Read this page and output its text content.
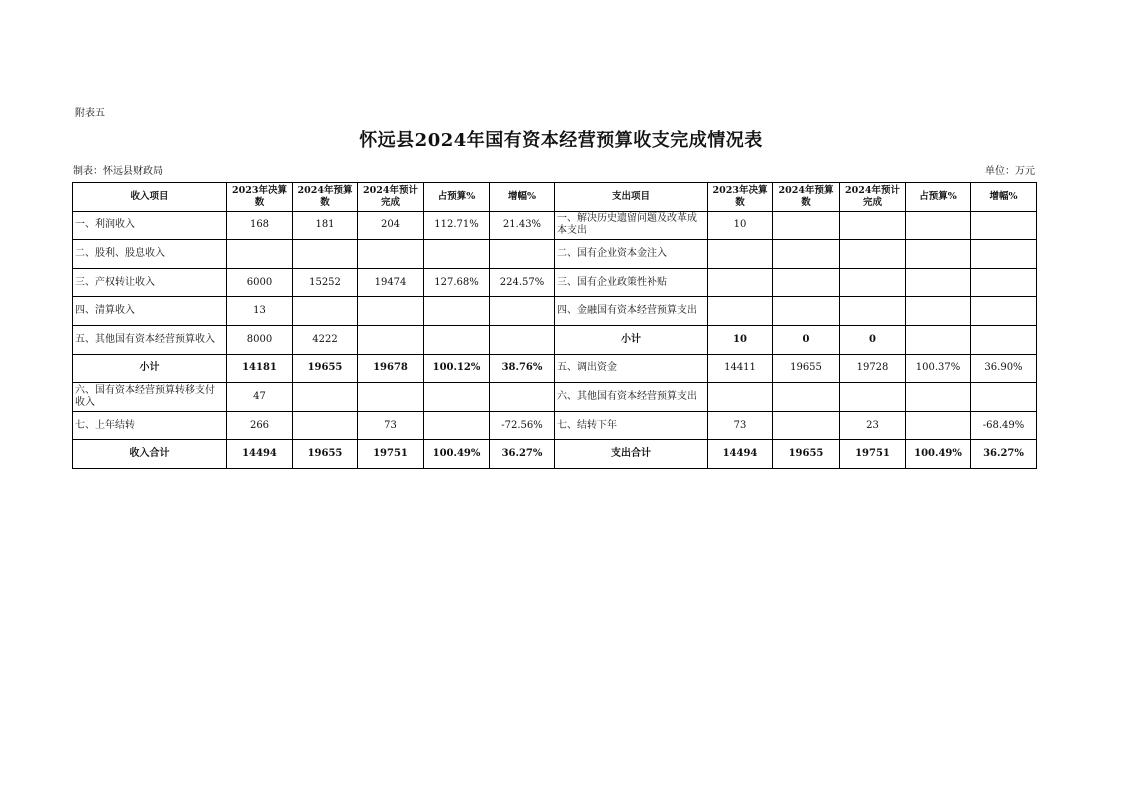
附表五
怀远县2024年国有资本经营预算收支完成情况表
制表：怀远县财政局	单位：万元
收入项目	2023年决算数	2024年预算数	2024年预计完成	占预算%	增幅%	支出项目	2023年决算数	2024年预算数	2024年预计完成	占预算%	增幅%
一、利润收入	168	181	204	112.71%	21.43%	一、解决历史遗留问题及改革成本支出	10				
二、股利、股息收入						二、国有企业资本金注入					
三、产权转让收入	6000	15252	19474	127.68%	224.57%	三、国有企业政策性补贴					
四、清算收入	13					四、金融国有资本经营预算支出					
五、其他国有资本经营预算收入	8000	4222				小计	10	0	0		
小计	14181	19655	19678	100.12%	38.76%	五、调出资金	14411	19655	19728	100.37%	36.90%
六、国有资本经营预算转移支付收入	47					六、其他国有资本经营预算支出					
七、上年结转	266		73		-72.56%	七、结转下年	73		23		-68.49%
收入合计	14494	19655	19751	100.49%	36.27%	支出合计	14494	19655	19751	100.49%	36.27%
